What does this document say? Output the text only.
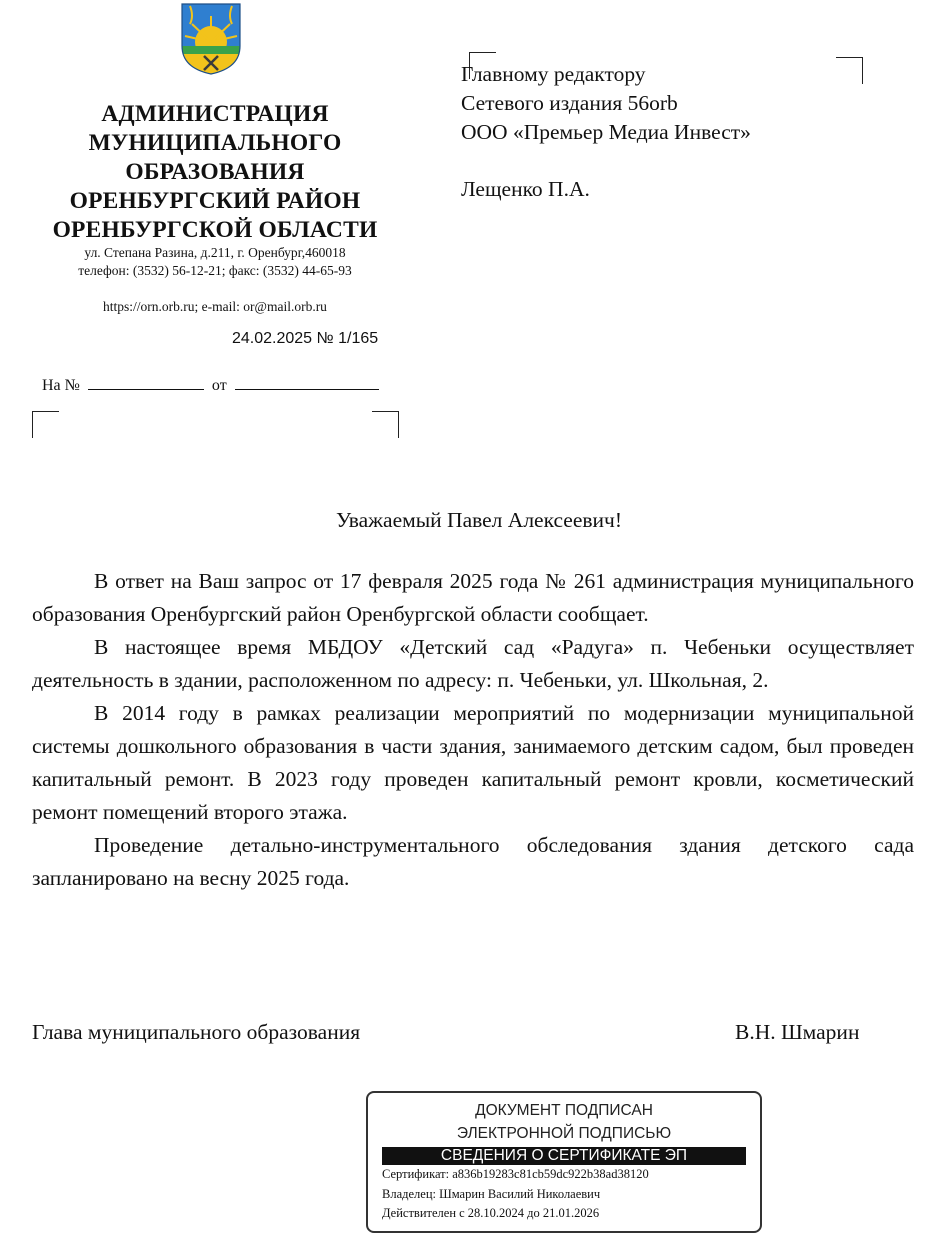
АДМИНИСТРАЦИЯ
МУНИЦИПАЛЬНОГО
ОБРАЗОВАНИЯ
ОРЕНБУРГСКИЙ РАЙОН
ОРЕНБУРГСКОЙ ОБЛАСТИ
ул. Степана Разина, д.211, г. Оренбург,460018
телефон: (3532) 56-12-21; факс: (3532) 44-65-93
https://orn.orb.ru; e-mail: or@mail.orb.ru
24.02.2025 № 1/165
На №	от
Главному редактору
Сетевого издания 56orb
ООО «Премьер Медиа Инвест»
Лещенко П.А.
Уважаемый Павел Алексеевич!

В ответ на Ваш запрос от 17 февраля 2025 года № 261 администрация муниципального образования Оренбургский район Оренбургской области сообщает.

В настоящее время МБДОУ «Детский сад «Радуга» п. Чебеньки осуществляет деятельность в здании, расположенном по адресу: п. Чебеньки, ул. Школьная, 2.

В 2014 году в рамках реализации мероприятий по модернизации муниципальной системы дошкольного образования в части здания, занимаемого детским садом, был проведен капитальный ремонт. В 2023 году проведен капитальный ремонт кровли, косметический ремонт помещений второго этажа.

Проведение детально-инструментального обследования здания детского сада запланировано на весну 2025 года.

Глава муниципального образования	В.Н. Шмарин
ДОКУМЕНТ ПОДПИСАН
ЭЛЕКТРОННОЙ ПОДПИСЬЮ
СВЕДЕНИЯ О СЕРТИФИКАТЕ ЭП
Сертификат: a836b19283c81cb59dc922b38ad38120
Владелец: Шмарин Василий Николаевич
Действителен с 28.10.2024 до 21.01.2026
